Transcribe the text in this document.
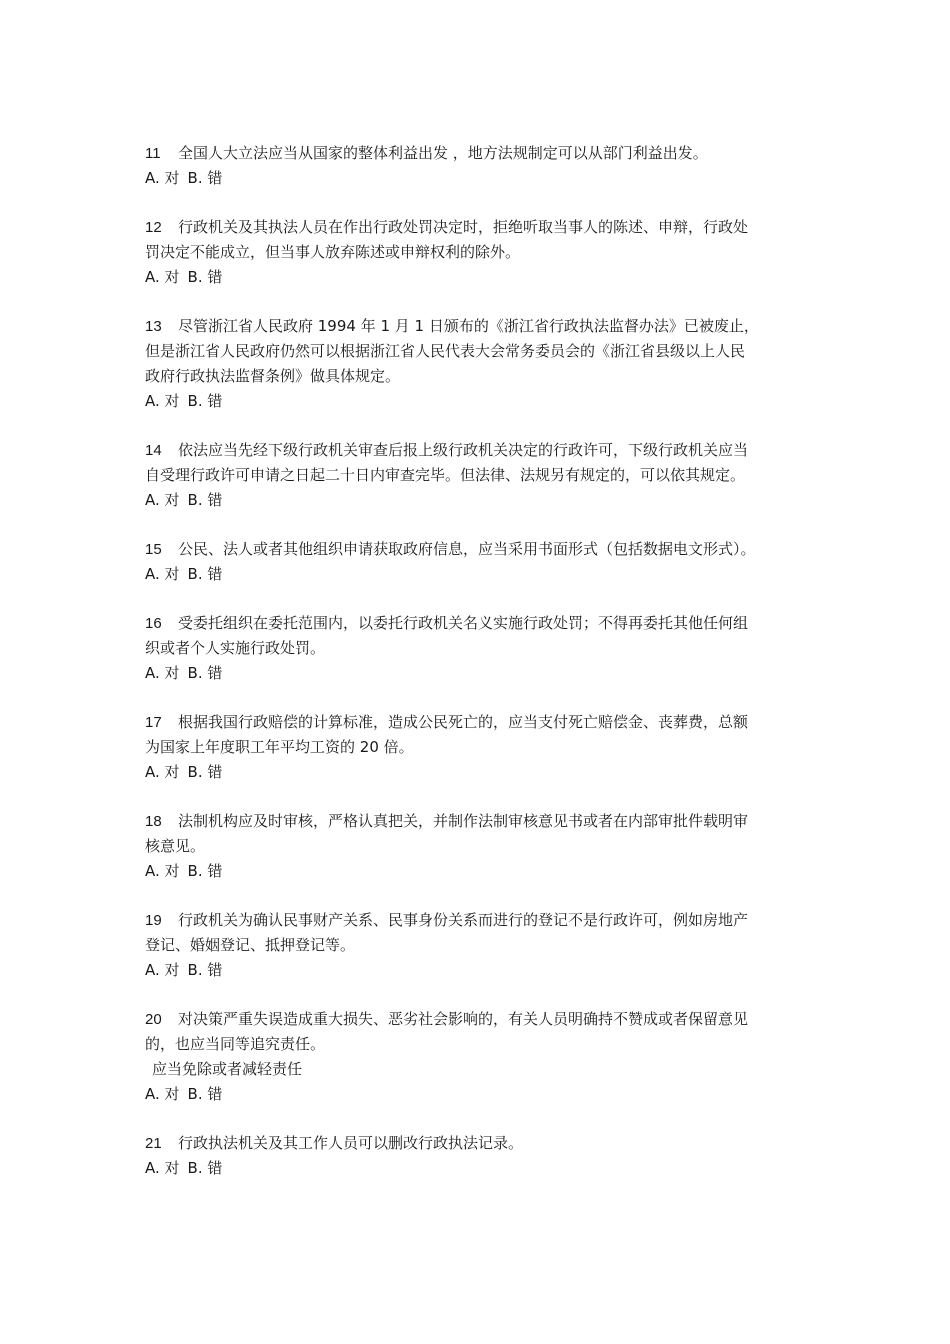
11 全国人大立法应当从国家的整体利益出发 ，地方法规制定可以从部门利益出发。
A. 对 B. 错
12 行政机关及其执法人员在作出行政处罚决定时，拒绝听取当事人的陈述、申辩，行政处
罚决定不能成立，但当事人放弃陈述或申辩权利的除外。
A. 对 B. 错
13 尽管浙江省人民政府 1994 年 1 月 1 日颁布的《浙江省行政执法监督办法》已被废止，
但是浙江省人民政府仍然可以根据浙江省人民代表大会常务委员会的《浙江省县级以上人民
政府行政执法监督条例》做具体规定。
A. 对 B. 错
14 依法应当先经下级行政机关审查后报上级行政机关决定的行政许可，下级行政机关应当
自受理行政许可申请之日起二十日内审查完毕。但法律、法规另有规定的，可以依其规定。
A. 对 B. 错
15 公民、法人或者其他组织申请获取政府信息，应当采用书面形式（包括数据电文形式）。
A. 对 B. 错
16 受委托组织在委托范围内，以委托行政机关名义实施行政处罚；不得再委托其他任何组
织或者个人实施行政处罚。
A. 对 B. 错
17 根据我国行政赔偿的计算标准，造成公民死亡的，应当支付死亡赔偿金、丧葬费，总额
为国家上年度职工年平均工资的 20 倍。
A. 对 B. 错
18 法制机构应及时审核，严格认真把关，并制作法制审核意见书或者在内部审批件载明审
核意见。
A. 对 B. 错
19 行政机关为确认民事财产关系、民事身份关系而进行的登记不是行政许可，例如房地产
登记、婚姻登记、抵押登记等。
A. 对 B. 错
20 对决策严重失误造成重大损失、恶劣社会影响的，有关人员明确持不赞成或者保留意见
的，也应当同等追究责任。
应当免除或者减轻责任
A. 对 B. 错
21 行政执法机关及其工作人员可以删改行政执法记录。
A. 对 B. 错
